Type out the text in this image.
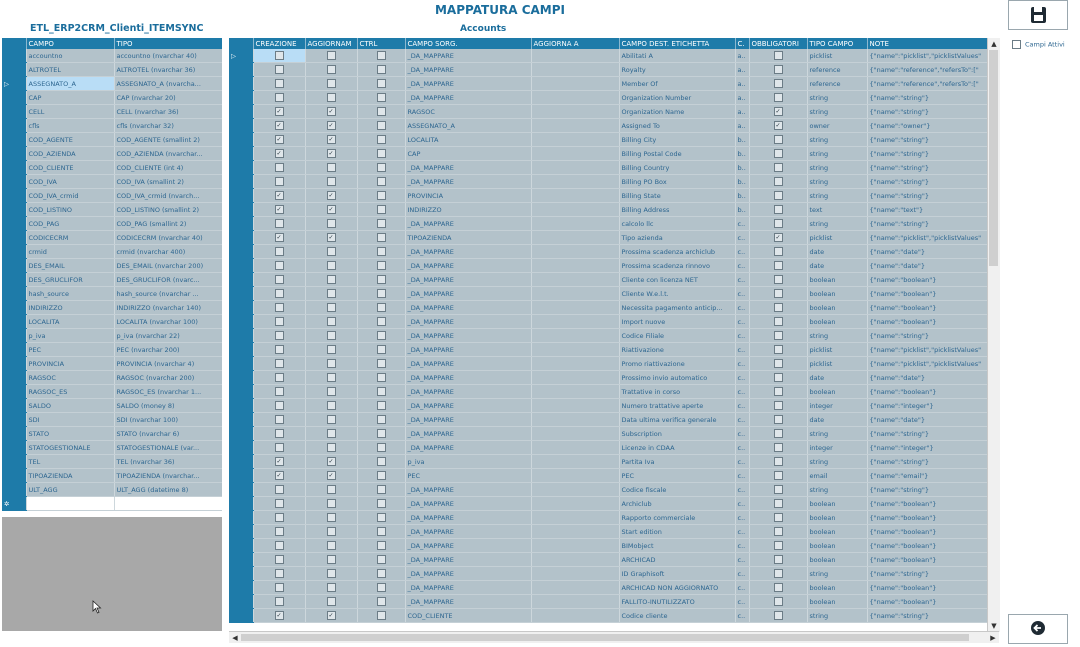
MAPPATURA CAMPI
ETL_ERP2CRM_Clienti_ITEMSYNC	Accounts
	CAMPO	TIPO
	accountno	accountno (nvarchar 40)
	ALTROTEL	ALTROTEL (nvarchar 36)
▷	ASSEGNATO_A	ASSEGNATO_A (nvarcha...
	CAP	CAP (nvarchar 20)
	CELL	CELL (nvarchar 36)
	cfls	cfls (nvarchar 32)
	COD_AGENTE	COD_AGENTE (smallint 2)
	COD_AZIENDA	COD_AZIENDA (nvarchar...
	COD_CLIENTE	COD_CLIENTE (int 4)
	COD_IVA	COD_IVA (smallint 2)
	COD_IVA_crmid	COD_IVA_crmid (nvarch...
	COD_LISTINO	COD_LISTINO (smallint 2)
	COD_PAG	COD_PAG (smallint 2)
	CODICECRM	CODICECRM (nvarchar 40)
	crmid	crmid (nvarchar 400)
	DES_EMAIL	DES_EMAIL (nvarchar 200)
	DES_GRUCLIFOR	DES_GRUCLIFOR (nvarc...
	hash_source	hash_source (nvarchar ...
	INDIRIZZO	INDIRIZZO (nvarchar 140)
	LOCALITA	LOCALITA (nvarchar 100)
	p_iva	p_iva (nvarchar 22)
	PEC	PEC (nvarchar 200)
	PROVINCIA	PROVINCIA (nvarchar 4)
	RAGSOC	RAGSOC (nvarchar 200)
	RAGSOC_ES	RAGSOC_ES (nvarchar 1...
	SALDO	SALDO (money 8)
	SDI	SDI (nvarchar 100)
	STATO	STATO (nvarchar 6)
	STATOGESTIONALE	STATOGESTIONALE (var...
	TEL	TEL (nvarchar 36)
	TIPOAZIENDA	TIPOAZIENDA (nvarchar...
	ULT_AGG	ULT_AGG (datetime 8)
✲		
	CREAZIONE	AGGIORNAM	CTRL	CAMPO SORG.	AGGIORNA A	CAMPO DEST. ETICHETTA	C.	OBBLIGATORI	TIPO CAMPO	NOTE
▷				_DA_MAPPARE		Abilitati A	a..		picklist	{"name":"picklist","picklistValues"
				_DA_MAPPARE		Royalty	a..		reference	{"name":"reference","refersTo":["
				_DA_MAPPARE		Member Of	a..		reference	{"name":"reference","refersTo":["
				_DA_MAPPARE		Organization Number	a..		string	{"name":"string"}
	✓	✓		RAGSOC		Organization Name	a..	✓	string	{"name":"string"}
	✓	✓		ASSEGNATO_A		Assigned To	a..	✓	owner	{"name":"owner"}
	✓	✓		LOCALITA		Billing City	b..		string	{"name":"string"}
	✓	✓		CAP		Billing Postal Code	b..		string	{"name":"string"}
				_DA_MAPPARE		Billing Country	b..		string	{"name":"string"}
				_DA_MAPPARE		Billing PO Box	b..		string	{"name":"string"}
	✓	✓		PROVINCIA		Billing State	b..		string	{"name":"string"}
	✓	✓		INDIRIZZO		Billing Address	b..		text	{"name":"text"}
				_DA_MAPPARE		calcolo llc	c..		string	{"name":"string"}
	✓	✓		TIPOAZIENDA		Tipo azienda	c..	✓	picklist	{"name":"picklist","picklistValues"
				_DA_MAPPARE		Prossima scadenza archiclub	c..		date	{"name":"date"}
				_DA_MAPPARE		Prossima scadenza rinnovo	c..		date	{"name":"date"}
				_DA_MAPPARE		Cliente con licenza NET	c..		boolean	{"name":"boolean"}
				_DA_MAPPARE		Cliente W.e.l.t.	c..		boolean	{"name":"boolean"}
				_DA_MAPPARE		Necessita pagamento anticip...	c..		boolean	{"name":"boolean"}
				_DA_MAPPARE		Import nuove	c..		boolean	{"name":"boolean"}
				_DA_MAPPARE		Codice Filiale	c..		string	{"name":"string"}
				_DA_MAPPARE		Riattivazione	c..		picklist	{"name":"picklist","picklistValues"
				_DA_MAPPARE		Promo riattivazione	c..		picklist	{"name":"picklist","picklistValues"
				_DA_MAPPARE		Prossimo invio automatico	c..		date	{"name":"date"}
				_DA_MAPPARE		Trattative in corso	c..		boolean	{"name":"boolean"}
				_DA_MAPPARE		Numero trattative aperte	c..		integer	{"name":"integer"}
				_DA_MAPPARE		Data ultima verifica generale	c..		date	{"name":"date"}
				_DA_MAPPARE		Subscription	c..		string	{"name":"string"}
				_DA_MAPPARE		Licenze in CDAA	c..		integer	{"name":"integer"}
	✓	✓		p_iva		Partita Iva	c..		string	{"name":"string"}
	✓	✓		PEC		PEC	c..		email	{"name":"email"}
				_DA_MAPPARE		Codice fiscale	c..		string	{"name":"string"}
				_DA_MAPPARE		Archiclub	c..		boolean	{"name":"boolean"}
				_DA_MAPPARE		Rapporto commerciale	c..		boolean	{"name":"boolean"}
				_DA_MAPPARE		Start edition	c..		boolean	{"name":"boolean"}
				_DA_MAPPARE		BIMobject	c..		boolean	{"name":"boolean"}
				_DA_MAPPARE		ARCHICAD	c..		boolean	{"name":"boolean"}
				_DA_MAPPARE		ID Graphisoft	c..		string	{"name":"string"}
				_DA_MAPPARE		ARCHICAD NON AGGIORNATO	c..		boolean	{"name":"boolean"}
				_DA_MAPPARE		FALLITO-INUTILIZZATO	c..		boolean	{"name":"boolean"}
	✓	✓		COD_CLIENTE		Codice cliente	c..		string	{"name":"string"}
▲
▼
◀	▶
Campi Attivi
